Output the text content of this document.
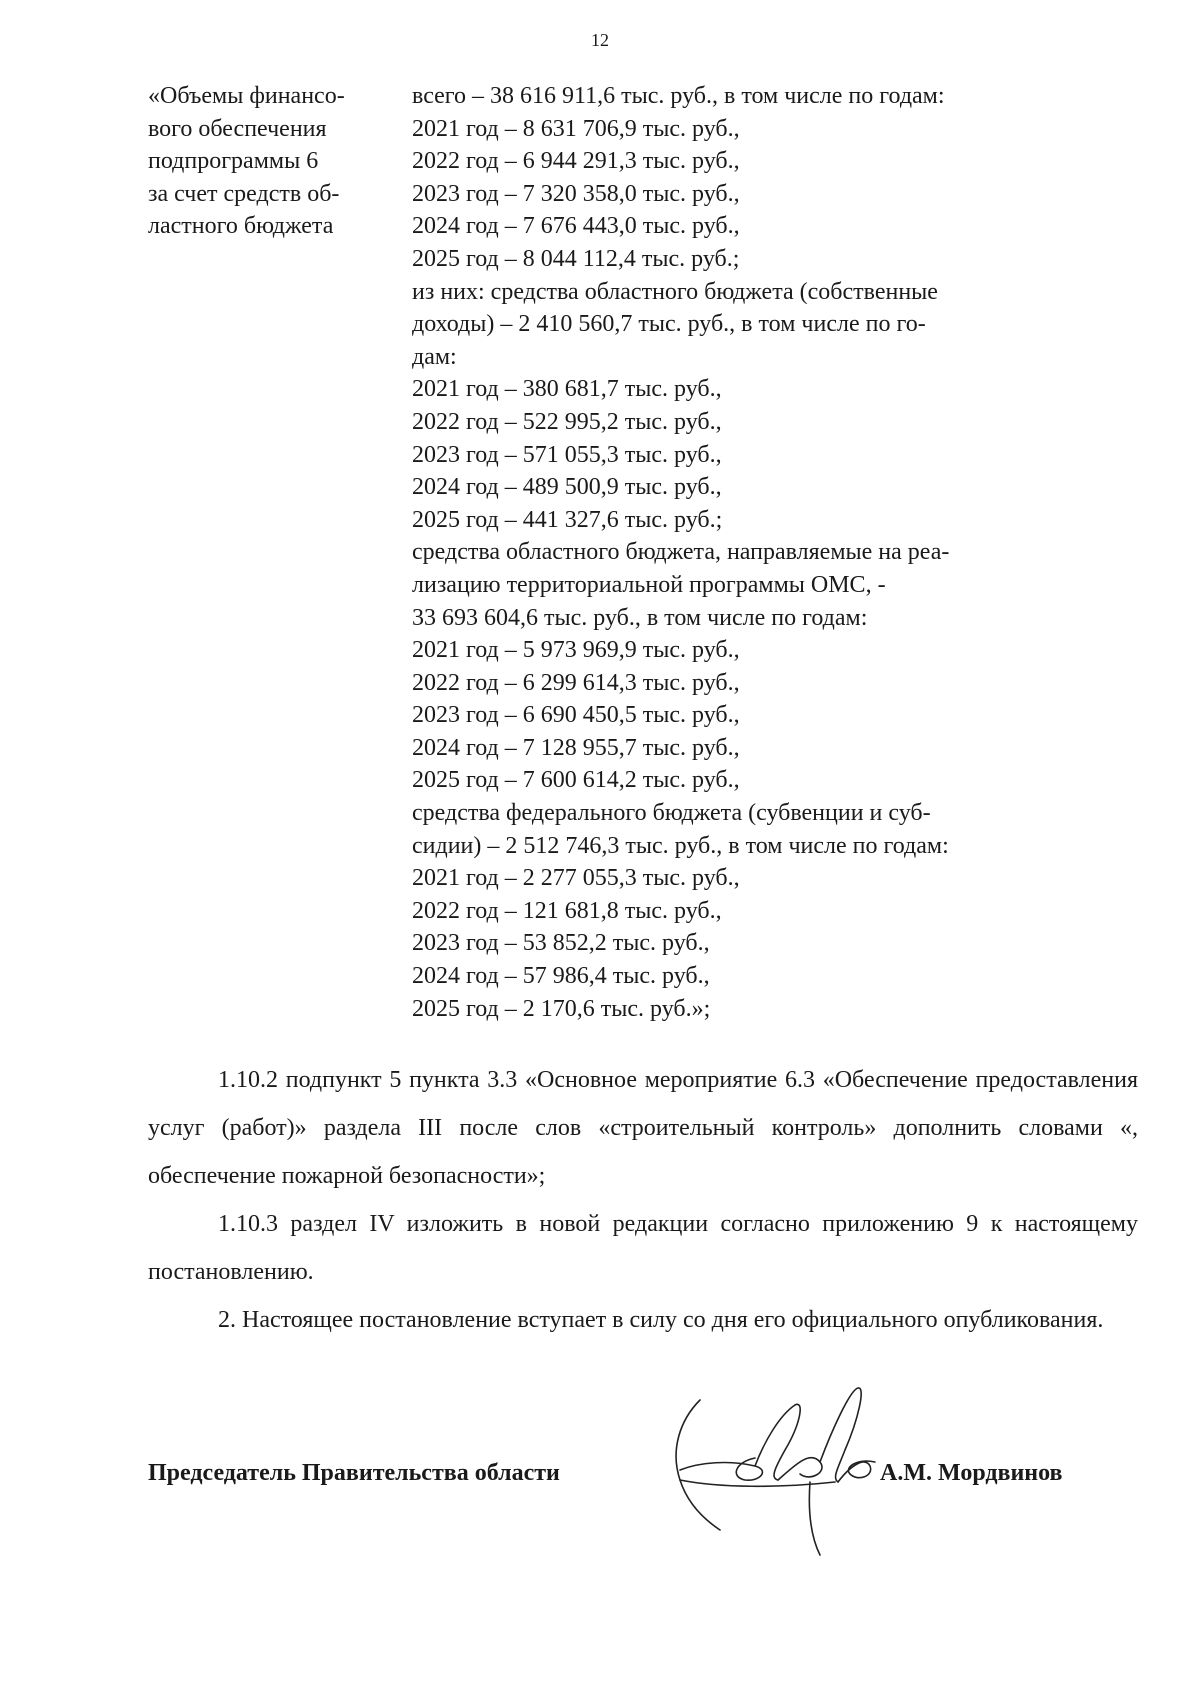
12
«Объемы финансо-
вого обеспечения
подпрограммы 6
за счет средств об-
ластного бюджета
всего – 38 616 911,6 тыс. руб., в том числе по годам:
2021 год – 8 631 706,9 тыс. руб.,
2022 год – 6 944 291,3 тыс. руб.,
2023 год – 7 320 358,0 тыс. руб.,
2024 год – 7 676 443,0 тыс. руб.,
2025 год – 8 044 112,4 тыс. руб.;
из них: средства областного бюджета (собственные
доходы) – 2 410 560,7 тыс. руб., в том числе по го-
дам:
2021 год – 380 681,7 тыс. руб.,
2022 год – 522 995,2 тыс. руб.,
2023 год – 571 055,3 тыс. руб.,
2024 год – 489 500,9 тыс. руб.,
2025 год – 441 327,6 тыс. руб.;
средства областного бюджета, направляемые на реа-
лизацию территориальной программы ОМС, -
33 693 604,6 тыс. руб., в том числе по годам:
2021 год – 5 973 969,9 тыс. руб.,
2022 год – 6 299 614,3 тыс. руб.,
2023 год – 6 690 450,5 тыс. руб.,
2024 год – 7 128 955,7 тыс. руб.,
2025 год – 7 600 614,2 тыс. руб.,
средства федерального бюджета (субвенции и суб-
сидии) – 2 512 746,3 тыс. руб., в том числе по годам:
2021 год – 2 277 055,3 тыс. руб.,
2022 год – 121 681,8 тыс. руб.,
2023 год – 53 852,2 тыс. руб.,
2024 год – 57 986,4 тыс. руб.,
2025 год – 2 170,6 тыс. руб.»;

1.10.2 подпункт 5 пункта 3.3 «Основное мероприятие 6.3 «Обеспечение предоставления услуг (работ)» раздела III после слов «строительный контроль» дополнить словами «, обеспечение пожарной безопасности»;

1.10.3 раздел IV изложить в новой редакции согласно приложению 9 к настоящему постановлению.

2. Настоящее постановление вступает в силу со дня его официального опубликования.

Председатель Правительства области	А.М. Мордвинов
